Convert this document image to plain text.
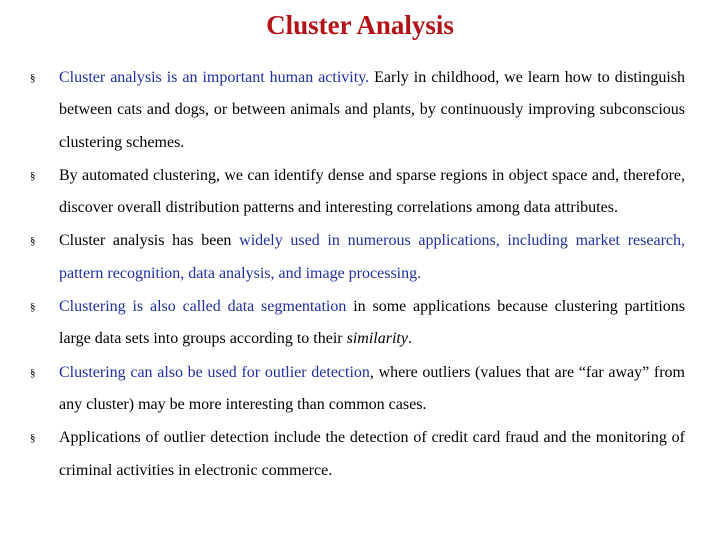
Cluster Analysis
§ Cluster analysis is an important human activity. Early in childhood, we learn how to distinguish between cats and dogs, or between animals and plants, by continuously improving subconscious clustering schemes.
§ By automated clustering, we can identify dense and sparse regions in object space and, therefore, discover overall distribution patterns and interesting correlations among data attributes.
§ Cluster analysis has been widely used in numerous applications, including market research, pattern recognition, data analysis, and image processing.
§ Clustering is also called data segmentation in some applications because clustering partitions large data sets into groups according to their similarity.
§ Clustering can also be used for outlier detection, where outliers (values that are “far away” from any cluster) may be more interesting than common cases.
§ Applications of outlier detection include the detection of credit card fraud and the monitoring of criminal activities in electronic commerce.
